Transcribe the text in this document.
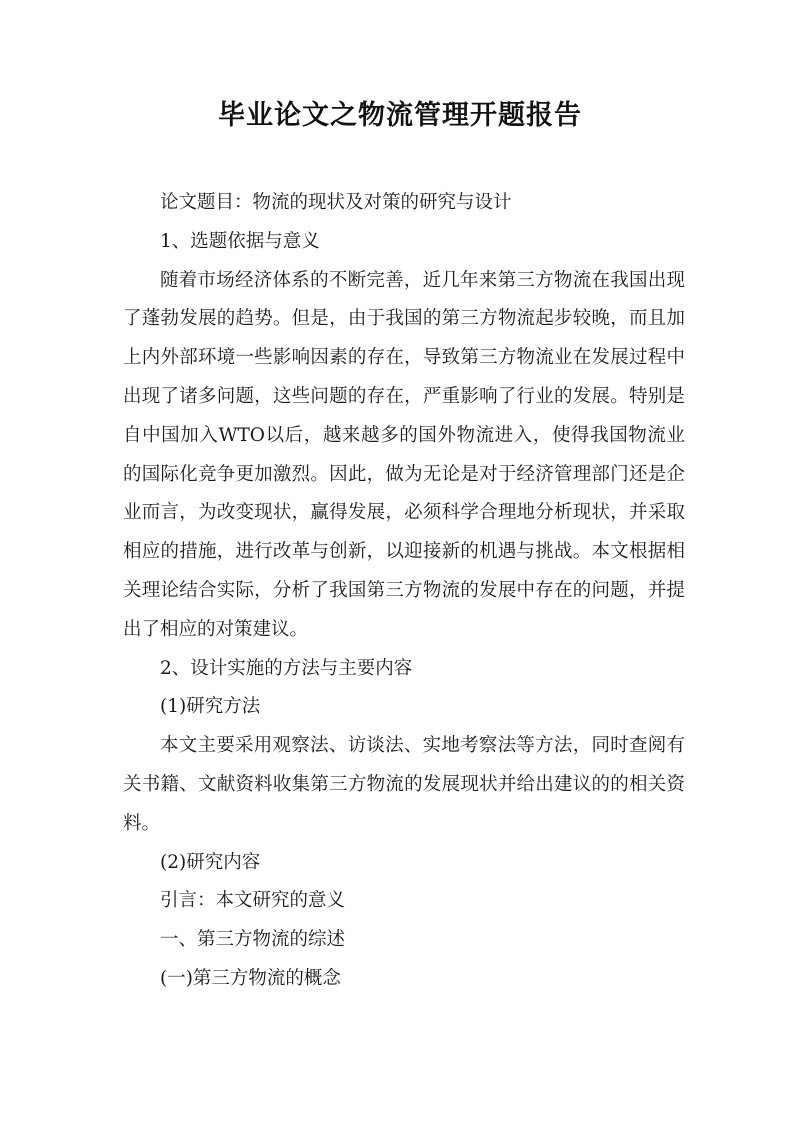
毕业论文之物流管理开题报告

论文题目：物流的现状及对策的研究与设计

1、选题依据与意义

随着市场经济体系的不断完善，近几年来第三方物流在我国出现了蓬勃发展的趋势。但是，由于我国的第三方物流起步较晚，而且加上内外部环境一些影响因素的存在，导致第三方物流业在发展过程中出现了诸多问题，这些问题的存在，严重影响了行业的发展。特别是自中国加入WTO以后，越来越多的国外物流进入，使得我国物流业的国际化竞争更加激烈。因此，做为无论是对于经济管理部门还是企业而言，为改变现状，赢得发展，必须科学合理地分析现状，并采取相应的措施，进行改革与创新，以迎接新的机遇与挑战。本文根据相关理论结合实际，分析了我国第三方物流的发展中存在的问题，并提出了相应的对策建议。

2、设计实施的方法与主要内容

(1)研究方法

本文主要采用观察法、访谈法、实地考察法等方法，同时查阅有关书籍、文献资料收集第三方物流的发展现状并给出建议的的相关资料。

(2)研究内容

引言：本文研究的意义

一、第三方物流的综述

(一)第三方物流的概念
